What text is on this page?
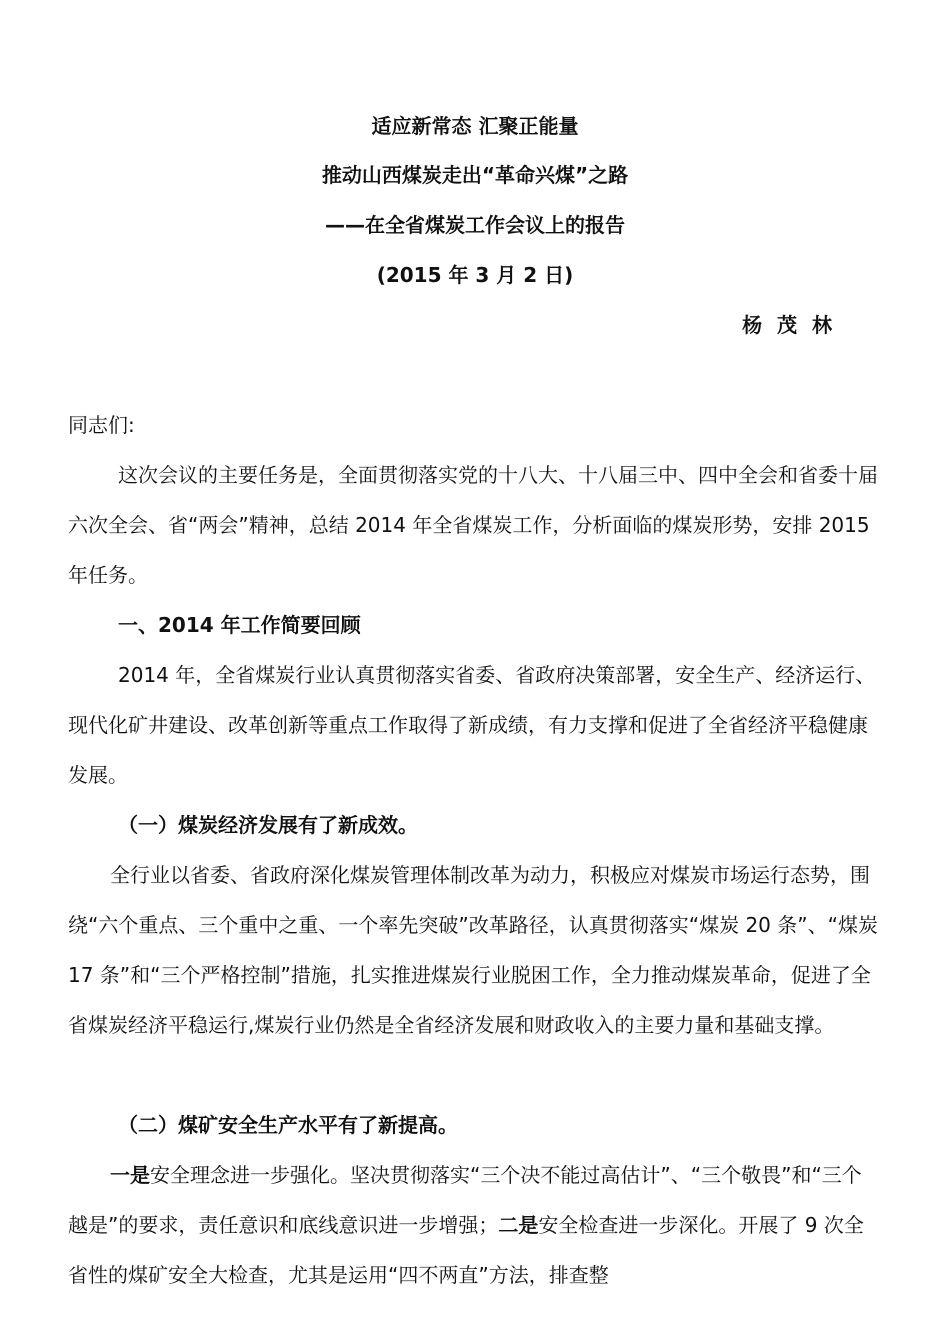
适应新常态 汇聚正能量
推动山西煤炭走出“革命兴煤”之路
——在全省煤炭工作会议上的报告
(2015 年 3 月 2 日)
杨 茂 林
同志们:
这次会议的主要任务是，全面贯彻落实党的十八大、十八届三中、四中全会和省委十届六次全会、省“两会”精神，总结 2014 年全省煤炭工作，分析面临的煤炭形势，安排 2015 年任务。
一、2014 年工作简要回顾
2014 年，全省煤炭行业认真贯彻落实省委、省政府决策部署，安全生产、经济运行、现代化矿井建设、改革创新等重点工作取得了新成绩，有力支撑和促进了全省经济平稳健康发展。
（一）煤炭经济发展有了新成效。
全行业以省委、省政府深化煤炭管理体制改革为动力，积极应对煤炭市场运行态势，围绕“六个重点、三个重中之重、一个率先突破”改革路径，认真贯彻落实“煤炭 20 条”、“煤炭 17 条”和“三个严格控制”措施，扎实推进煤炭行业脱困工作，全力推动煤炭革命，促进了全省煤炭经济平稳运行,煤炭行业仍然是全省经济发展和财政收入的主要力量和基础支撑。
（二）煤矿安全生产水平有了新提高。
一是安全理念进一步强化。坚决贯彻落实“三个决不能过高估计”、“三个敬畏”和“三个越是”的要求，责任意识和底线意识进一步增强；二是安全检查进一步深化。开展了 9 次全省性的煤矿安全大检查，尤其是运用“四不两直”方法，排查整
